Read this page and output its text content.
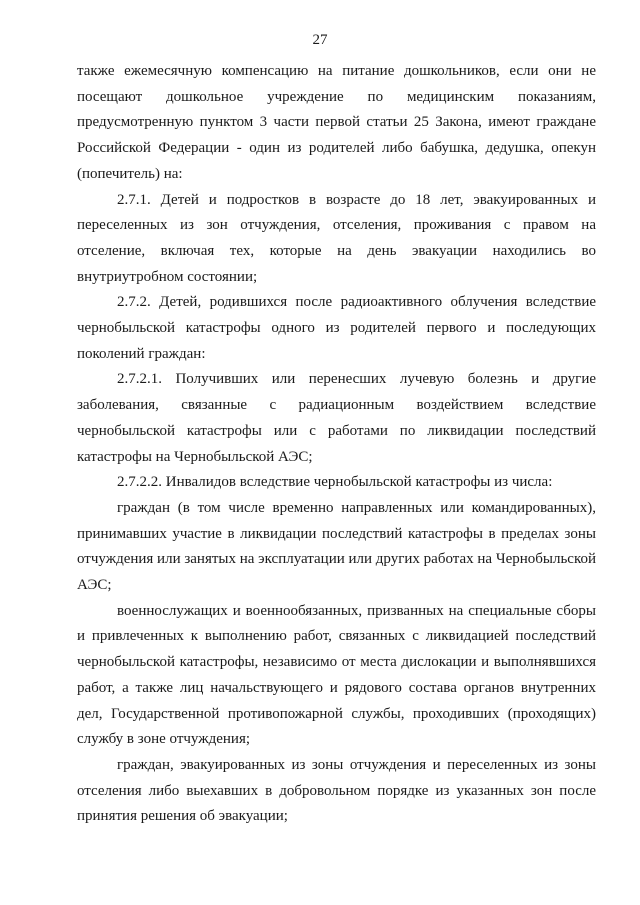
27

также ежемесячную компенсацию на питание дошкольников, если они не посещают дошкольное учреждение по медицинским показаниям, предусмотренную пунктом 3 части первой статьи 25 Закона, имеют граждане Российской Федерации - один из родителей либо бабушка, дедушка, опекун (попечитель) на:

2.7.1. Детей и подростков в возрасте до 18 лет, эвакуированных и переселенных из зон отчуждения, отселения, проживания с правом на отселение, включая тех, которые на день эвакуации находились во внутриутробном состоянии;

2.7.2. Детей, родившихся после радиоактивного облучения вследствие чернобыльской катастрофы одного из родителей первого и последующих поколений граждан:

2.7.2.1. Получивших или перенесших лучевую болезнь и другие заболевания, связанные с радиационным воздействием вследствие чернобыльской катастрофы или с работами по ликвидации последствий катастрофы на Чернобыльской АЭС;

2.7.2.2. Инвалидов вследствие чернобыльской катастрофы из числа:

граждан (в том числе временно направленных или командированных), принимавших участие в ликвидации последствий катастрофы в пределах зоны отчуждения или занятых на эксплуатации или других работах на Чернобыльской АЭС;

военнослужащих и военнообязанных, призванных на специальные сборы и привлеченных к выполнению работ, связанных с ликвидацией последствий чернобыльской катастрофы, независимо от места дислокации и выполнявшихся работ, а также лиц начальствующего и рядового состава органов внутренних дел, Государственной противопожарной службы, проходивших (проходящих) службу в зоне отчуждения;

граждан, эвакуированных из зоны отчуждения и переселенных из зоны отселения либо выехавших в добровольном порядке из указанных зон после принятия решения об эвакуации;
